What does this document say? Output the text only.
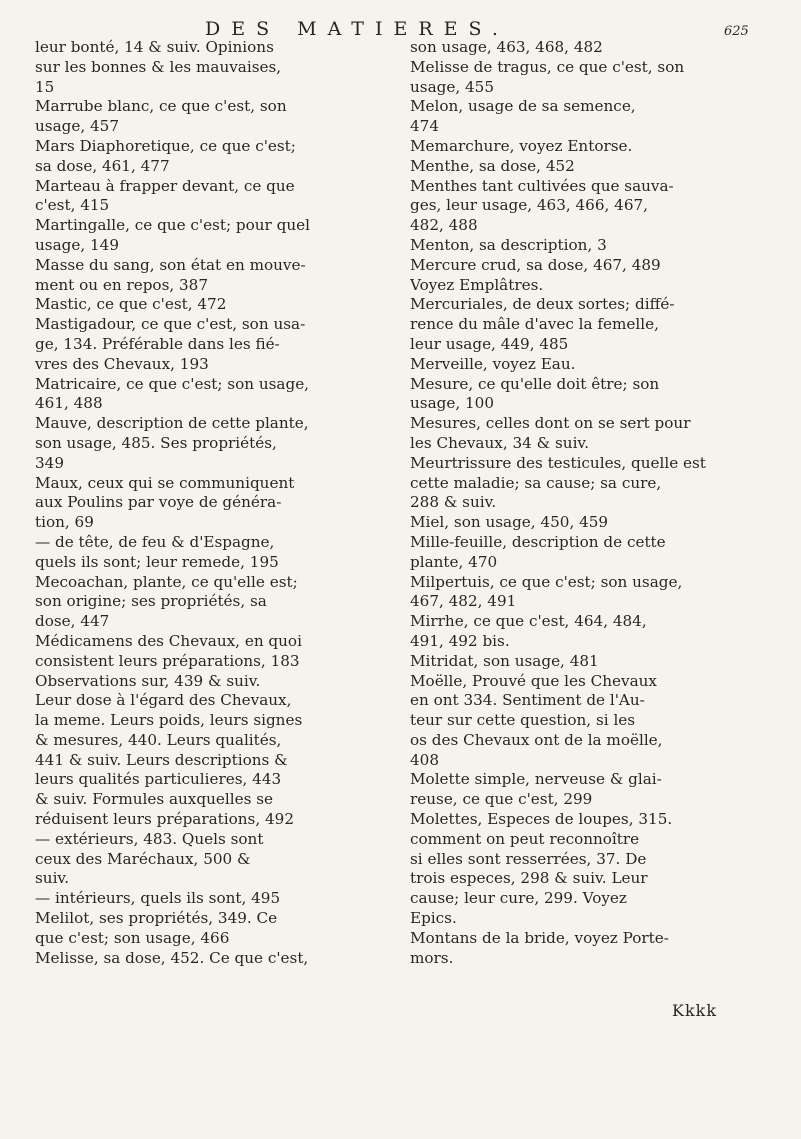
DES MATIERES.	625
leur bonté, 14 & suiv. Opinions
sur les bonnes & les mauvaises,
15
Marrube blanc, ce que c'est, son
usage, 457
Mars Diaphoretique, ce que c'est;
sa dose, 461, 477
Marteau à frapper devant, ce que
c'est, 415
Martingalle, ce que c'est; pour quel
usage, 149
Masse du sang, son état en mouve-
ment ou en repos, 387
Mastic, ce que c'est, 472
Mastigadour, ce que c'est, son usa-
ge, 134. Préférable dans les fié-
vres des Chevaux, 193
Matricaire, ce que c'est; son usage,
461, 488
Mauve, description de cette plante,
son usage, 485. Ses propriétés,
349
Maux, ceux qui se communiquent
aux Poulins par voye de généra-
tion, 69
— de tête, de feu & d'Espagne,
quels ils sont; leur remede, 195
Mecoachan, plante, ce qu'elle est;
son origine; ses propriétés, sa
dose, 447
Médicamens des Chevaux, en quoi
consistent leurs préparations, 183
Observations sur, 439 & suiv.
Leur dose à l'égard des Chevaux,
la meme. Leurs poids, leurs signes
& mesures, 440. Leurs qualités,
441 & suiv. Leurs descriptions &
leurs qualités particulieres, 443
& suiv. Formules auxquelles se
réduisent leurs préparations, 492
— extérieurs, 483. Quels sont
ceux des Maréchaux, 500 &
suiv.
— intérieurs, quels ils sont, 495
Melilot, ses propriétés, 349. Ce
que c'est; son usage, 466
Melisse, sa dose, 452. Ce que c'est,
son usage, 463, 468, 482
Melisse de tragus, ce que c'est, son
usage, 455
Melon, usage de sa semence,
474
Memarchure, voyez Entorse.
Menthe, sa dose, 452
Menthes tant cultivées que sauva-
ges, leur usage, 463, 466, 467,
482, 488
Menton, sa description, 3
Mercure crud, sa dose, 467, 489
Voyez Emplâtres.
Mercuriales, de deux sortes; diffé-
rence du mâle d'avec la femelle,
leur usage, 449, 485
Merveille, voyez Eau.
Mesure, ce qu'elle doit être; son
usage, 100
Mesures, celles dont on se sert pour
les Chevaux, 34 & suiv.
Meurtrissure des testicules, quelle est
cette maladie; sa cause; sa cure,
288 & suiv.
Miel, son usage, 450, 459
Mille-feuille, description de cette
plante, 470
Milpertuis, ce que c'est; son usage,
467, 482, 491
Mirrhe, ce que c'est, 464, 484,
491, 492 bis.
Mitridat, son usage, 481
Moëlle, Prouvé que les Chevaux
en ont 334. Sentiment de l'Au-
teur sur cette question, si les
os des Chevaux ont de la moëlle,
408
Molette simple, nerveuse & glai-
reuse, ce que c'est, 299
Molettes, Especes de loupes, 315.
comment on peut reconnoître
si elles sont resserrées, 37. De
trois especes, 298 & suiv. Leur
cause; leur cure, 299. Voyez
Epics.
Montans de la bride, voyez Porte-
mors.
Kkkk
